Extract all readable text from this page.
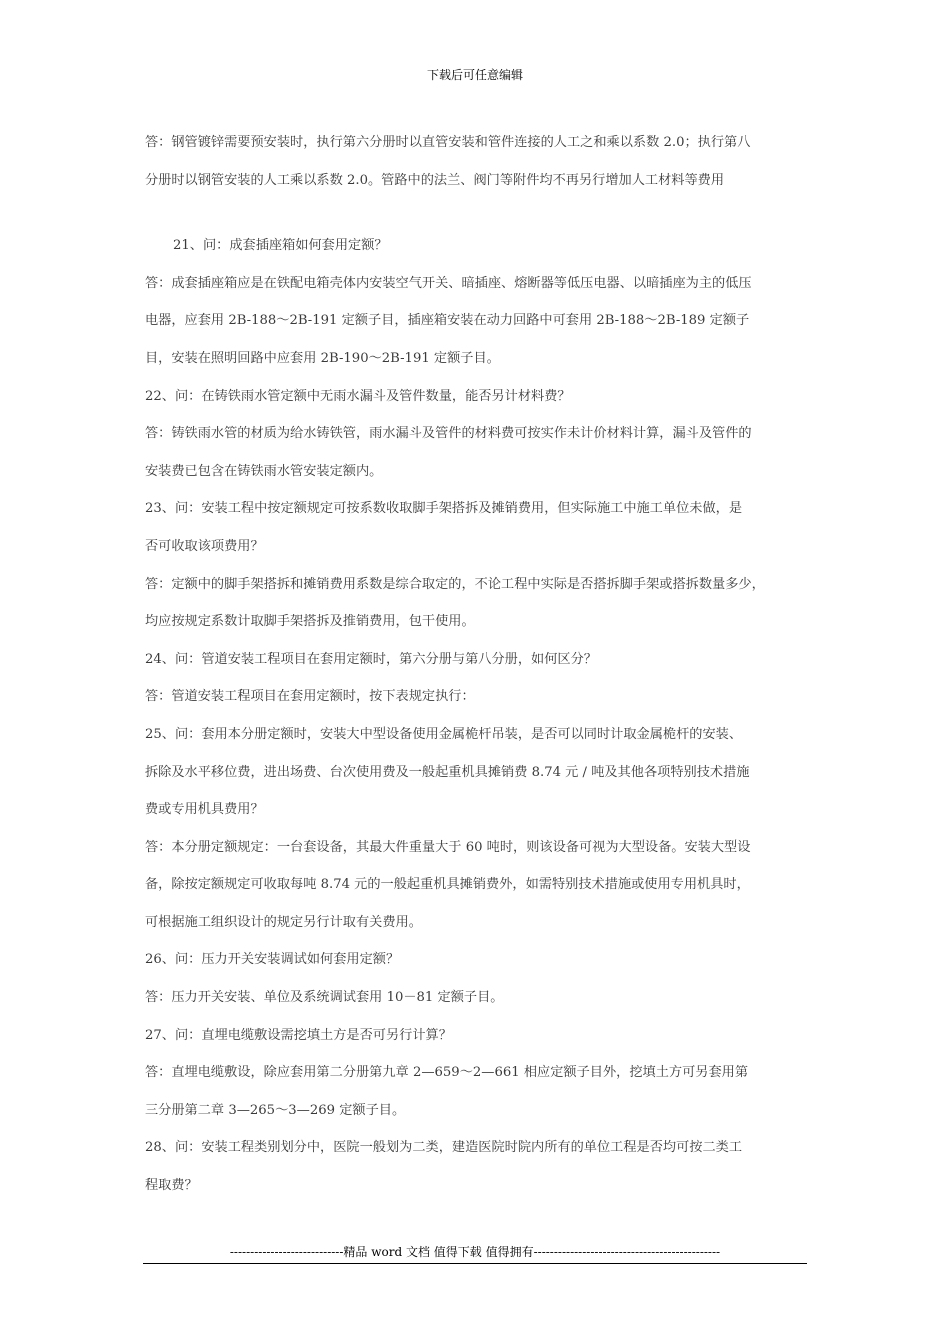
下载后可任意编辑

答：钢管镀锌需要预安装时，执行第六分册时以直管安装和管件连接的人工之和乘以系数 2.0；执行第八

分册时以钢管安装的人工乘以系数 2.0。管路中的法兰、阀门等附件均不再另行增加人工材料等费用

21、问：成套插座箱如何套用定额？

答：成套插座箱应是在铁配电箱壳体内安装空气开关、暗插座、熔断器等低压电器、以暗插座为主的低压

电器，应套用 2B-188～2B-191 定额子目，插座箱安装在动力回路中可套用 2B-188～2B-189 定额子

目，安装在照明回路中应套用 2B-190～2B-191 定额子目。

22、问：在铸铁雨水管定额中无雨水漏斗及管件数量，能否另计材料费？

答：铸铁雨水管的材质为给水铸铁管，雨水漏斗及管件的材料费可按实作未计价材料计算，漏斗及管件的

安装费已包含在铸铁雨水管安装定额内。

23、问：安装工程中按定额规定可按系数收取脚手架搭拆及摊销费用，但实际施工中施工单位未做，是

否可收取该项费用？

答：定额中的脚手架搭拆和摊销费用系数是综合取定的，不论工程中实际是否搭拆脚手架或搭拆数量多少，

均应按规定系数计取脚手架搭拆及推销费用，包干使用。

24、问：管道安装工程项目在套用定额时，第六分册与第八分册，如何区分？

答：管道安装工程项目在套用定额时，按下表规定执行：

25、问：套用本分册定额时，安装大中型设备使用金属桅杆吊装，是否可以同时计取金属桅杆的安装、

拆除及水平移位费，进出场费、台次使用费及一般起重机具摊销费 8.74 元 / 吨及其他各项特别技术措施

费或专用机具费用？

答：本分册定额规定：一台套设备，其最大件重量大于 60 吨时，则该设备可视为大型设备。安装大型设

备，除按定额规定可收取每吨 8.74 元的一般起重机具摊销费外，如需特别技术措施或使用专用机具时，

可根据施工组织设计的规定另行计取有关费用。

26、问：压力开关安装调试如何套用定额？

答：压力开关安装、单位及系统调试套用 10－81 定额子目。

27、问：直埋电缆敷设需挖填土方是否可另行计算？

答：直埋电缆敷设，除应套用第二分册第九章 2—659～2—661 相应定额子目外，挖填土方可另套用第

三分册第二章 3—265～3—269 定额子目。

28、问：安装工程类别划分中，医院一般划为二类，建造医院时院内所有的单位工程是否均可按二类工

程取费？

----------------------------精品 word 文档 值得下载 值得拥有----------------------------------------------
